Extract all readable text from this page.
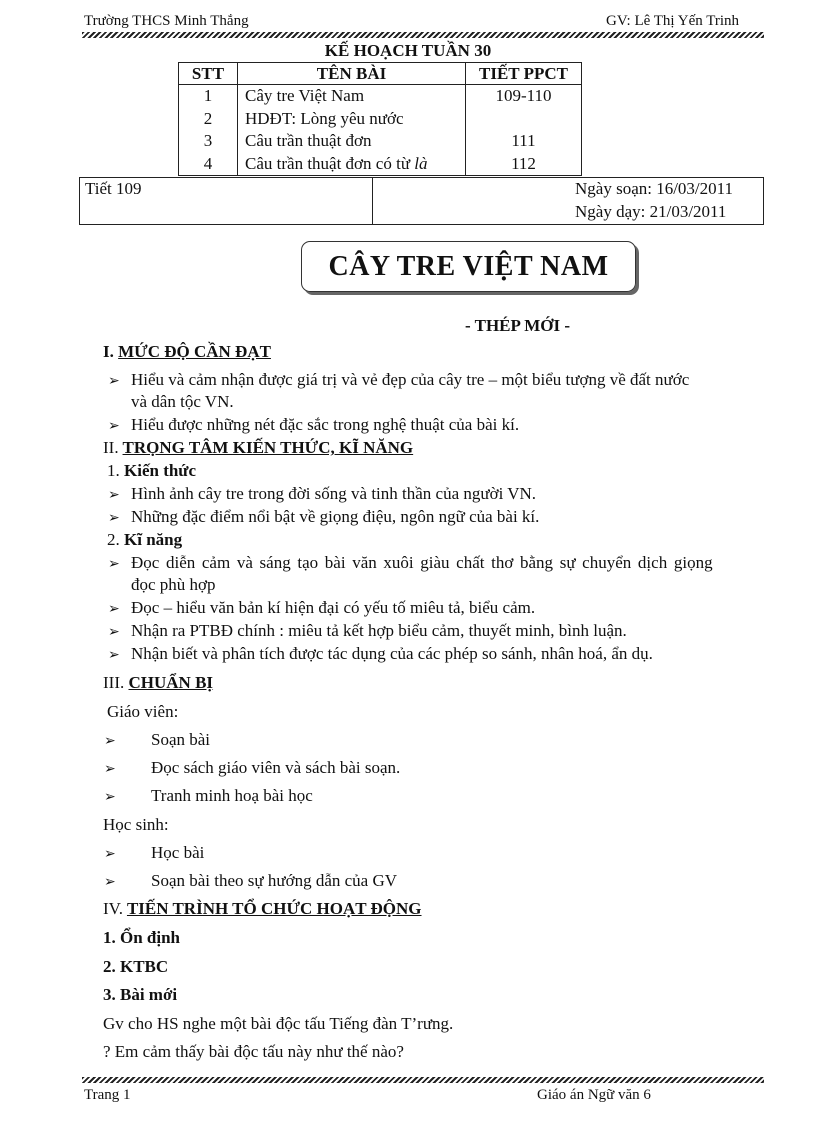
Trường THCS Minh Thắng	GV: Lê Thị Yến Trinh
KẾ HOẠCH TUẦN 30
STT	TÊN BÀI	TIẾT PPCT
1	Cây tre Việt Nam	109-110
2	HDĐT: Lòng yêu nước	
3	Câu trần thuật đơn	111
4	Câu trần thuật đơn có từ là	112
Tiết 109	Ngày soạn: 16/03/2011
Ngày dạy: 21/03/2011
CÂY TRE VIỆT NAM
- THÉP MỚI -
I. MỨC ĐỘ CẦN ĐẠT
➢ Hiểu và cảm nhận được giá trị và vẻ đẹp của cây tre – một biểu tượng về đất nước
và dân tộc VN.
➢ Hiểu được những nét đặc sắc trong nghệ thuật của bài kí.
II. TRỌNG TÂM KIẾN THỨC, KĨ NĂNG
1. Kiến thức
➢ Hình ảnh cây tre trong đời sống và tinh thần của người VN.
➢ Những đặc điểm nổi bật về giọng điệu, ngôn ngữ của bài kí.
2. Kĩ năng
➢ Đọc diễn cảm và sáng tạo bài văn xuôi giàu chất thơ bằng sự chuyển dịch giọng
đọc phù hợp
➢ Đọc – hiểu văn bản kí hiện đại có yếu tố miêu tả, biểu cảm.
➢ Nhận ra PTBĐ chính : miêu tả kết hợp biểu cảm, thuyết minh, bình luận.
➢ Nhận biết và phân tích được tác dụng của các phép so sánh, nhân hoá, ẩn dụ.
III. CHUẨN BỊ
Giáo viên:
➢ Soạn bài
➢ Đọc sách giáo viên và sách bài soạn.
➢ Tranh minh hoạ bài học
Học sinh:
➢ Học bài
➢ Soạn bài theo sự hướng dẫn của GV
IV. TIẾN TRÌNH TỔ CHỨC HOẠT ĐỘNG
1. Ổn định
2. KTBC
3. Bài mới
Gv cho HS nghe một bài độc tấu Tiếng đàn T’rưng.
? Em cảm thấy bài độc tấu này như thế nào?
Trang 1	Giáo án Ngữ văn 6
